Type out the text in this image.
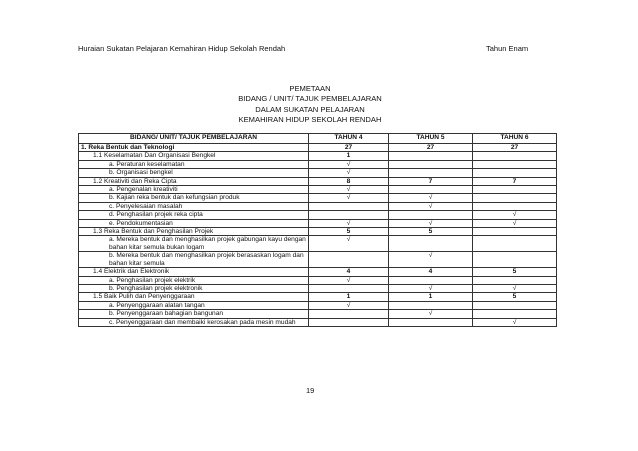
Huraian Sukatan Pelajaran Kemahiran Hidup Sekolah Rendah	Tahun Enam
PEMETAAN
BIDANG / UNIT/ TAJUK PEMBELAJARAN
DALAM SUKATAN PELAJARAN
KEMAHIRAN HIDUP SEKOLAH RENDAH
BIDANG/ UNIT/ TAJUK PEMBELAJARAN	TAHUN 4	TAHUN 5	TAHUN 6
1. Reka Bentuk dan Teknologi	27	27	27
1.1 Keselamatan Dan Organisasi Bengkel	1		
a. Peraturan keselamatan	√		
b. Organisasi bengkel	√		
1.2 Kreativiti dan Reka Cipta	8	7	7
a. Pengenalan kreativiti	√		
b. Kajian reka bentuk dan kefungsian produk	√	√	
c. Penyelesaian masalah		√	
d. Penghasilan projek reka cipta			√
e. Pendokumentasian	√	√	√
1.3 Reka Bentuk dan Penghasilan Projek	5	5	
a. Mereka bentuk dan menghasilkan projek gabungan kayu dengan bahan kitar semula bukan logam	√		
b. Mereka bentuk dan menghasilkan projek berasaskan logam dan bahan kitar semula		√	
1.4 Elektrik dan Elektronik	4	4	5
a. Penghasilan projek elektrik	√		
b. Penghasilan projek elektronik		√	√
1.5 Baik Pulih dan Penyenggaraan	1	1	5
a. Penyenggaraan alatan tangan	√		
b. Penyenggaraan bahagian bangunan		√	
c. Penyenggaraan dan membaiki kerosakan pada mesin mudah			√
19
